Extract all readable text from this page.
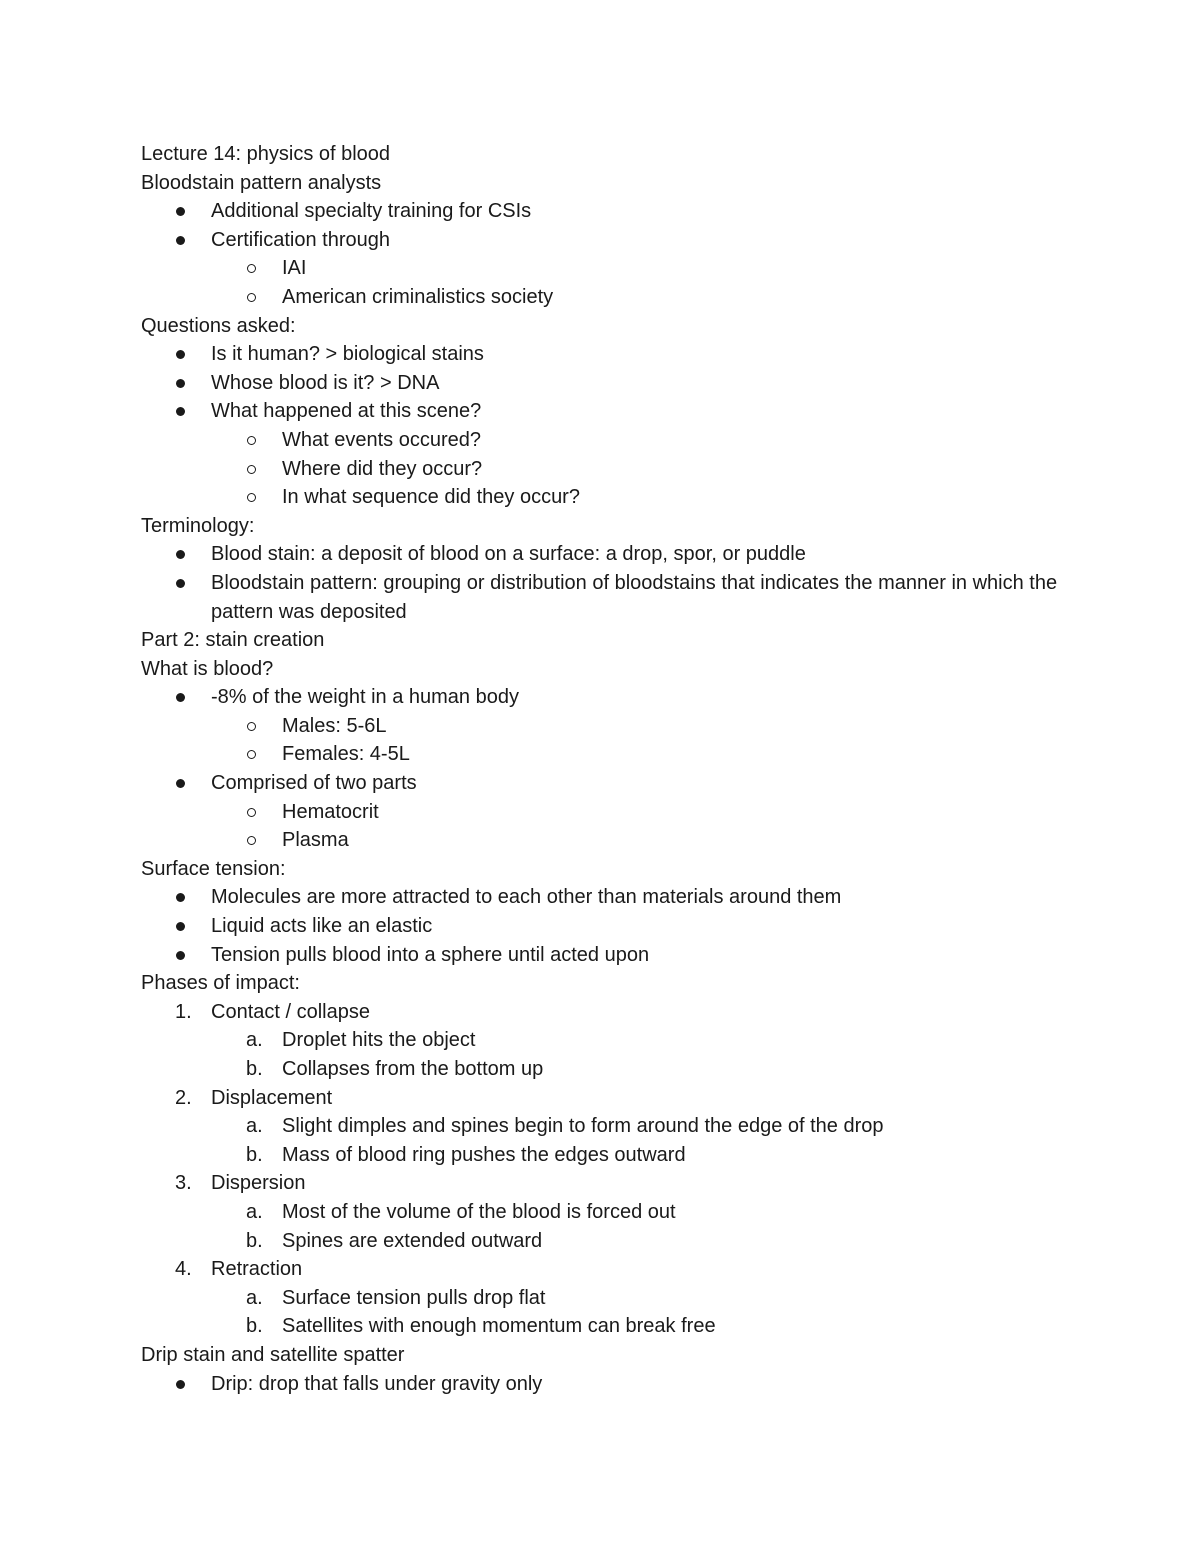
Lecture 14: physics of blood
Bloodstain pattern analysts
Additional specialty training for CSIs
Certification through
IAI
American criminalistics society
Questions asked:
Is it human? > biological stains
Whose blood is it? > DNA
What happened at this scene?
What events occured?
Where did they occur?
In what sequence did they occur?
Terminology:
Blood stain: a deposit of blood on a surface: a drop, spor, or puddle
Bloodstain pattern: grouping or distribution of bloodstains that indicates the manner in which the pattern was deposited
Part 2: stain creation
What is blood?
-8% of the weight in a human body
Males: 5-6L
Females: 4-5L
Comprised of two parts
Hematocrit
Plasma
Surface tension:
Molecules are more attracted to each other than materials around them
Liquid acts like an elastic
Tension pulls blood into a sphere until acted upon
Phases of impact:
1. Contact / collapse
a. Droplet hits the object
b. Collapses from the bottom up
2. Displacement
a. Slight dimples and spines begin to form around the edge of the drop
b. Mass of blood ring pushes the edges outward
3. Dispersion
a. Most of the volume of the blood is forced out
b. Spines are extended outward
4. Retraction
a. Surface tension pulls drop flat
b. Satellites with enough momentum can break free
Drip stain and satellite spatter
Drip: drop that falls under gravity only
